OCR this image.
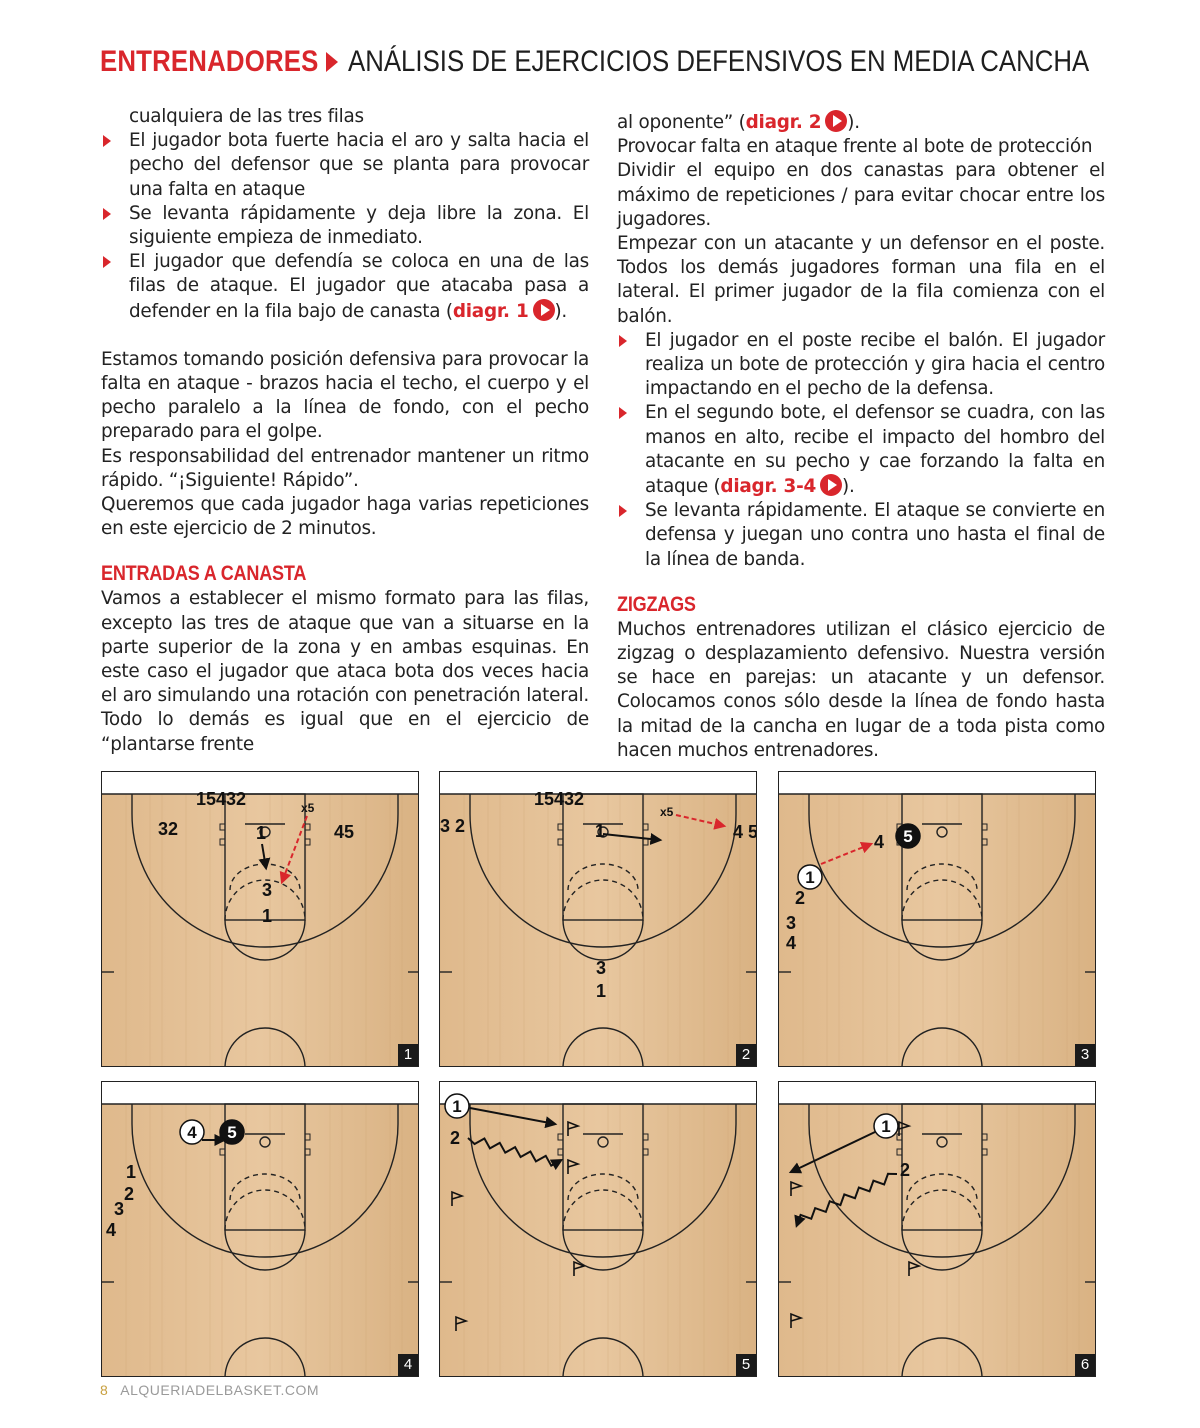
ENTRENADORES ANÁLISIS DE EJERCICIOS DEFENSIVOS EN MEDIA CANCHA

cualquiera de las tres filas

El jugador bota fuerte hacia el aro y salta hacia el pecho del defensor que se planta para provocar una falta en ataque
Se levanta rápidamente y deja libre la zona. El siguiente empieza de inmediato.
El jugador que defendía se coloca en una de las filas de ataque. El jugador que atacaba pasa a defender en la fila bajo de canasta (diagr. 1 ).

Estamos tomando posición defensiva para provocar la falta en ataque - brazos hacia el techo, el cuerpo y el pecho paralelo a la línea de fondo, con el pecho preparado para el golpe.

Es responsabilidad del entrenador mantener un ritmo rápido. “¡Siguiente! Rápido”.

Queremos que cada jugador haga varias repeticiones en este ejercicio de 2 minutos.

ENTRADAS A CANASTA

Vamos a establecer el mismo formato para las filas, excepto las tres de ataque que van a situarse en la parte superior de la zona y en ambas esquinas. En este caso el jugador que ataca bota dos veces hacia el aro simulando una rotación con penetración lateral. Todo lo demás es igual que en el ejercicio de “plantarse frente

al oponente” (diagr. 2 ).

Provocar falta en ataque frente al bote de protección

Dividir el equipo en dos canastas para obtener el máximo de repeticiones / para evitar chocar entre los jugadores.

Empezar con un atacante y un defensor en el poste. Todos los demás jugadores forman una fila en el lateral. El primer jugador de la fila comienza con el balón.

El jugador en el poste recibe el balón. El jugador realiza un bote de protección y gira hacia el centro impactando en el pecho de la defensa.
En el segundo bote, el defensor se cuadra, con las manos en alto, recibe el impacto del hombro del atacante en su pecho y cae forzando la falta en ataque (diagr. 3-4 ).
Se levanta rápidamente. El ataque se convierte en defensa y juegan uno contra uno hasta el final de la línea de banda.
ZIGZAGS

Muchos entrenadores utilizan el clásico ejercicio de zigzag o desplazamiento defensivo. Nuestra versión se hace en parejas: un atacante y un defensor. Colocamos conos sólo desde la línea de fondo hasta la mitad de la cancha en lugar de a toda pista como hacen muchos entrenadores.

15432
32	45
x5
1
3
1
1
15432
3 2	4 5
x5
1
3
1
2
1
2
3
4
4 5
3
4 5
1
2
3
4
4
1
2
5
1
2
6
8 ALQUERIADELBASKET.COM
